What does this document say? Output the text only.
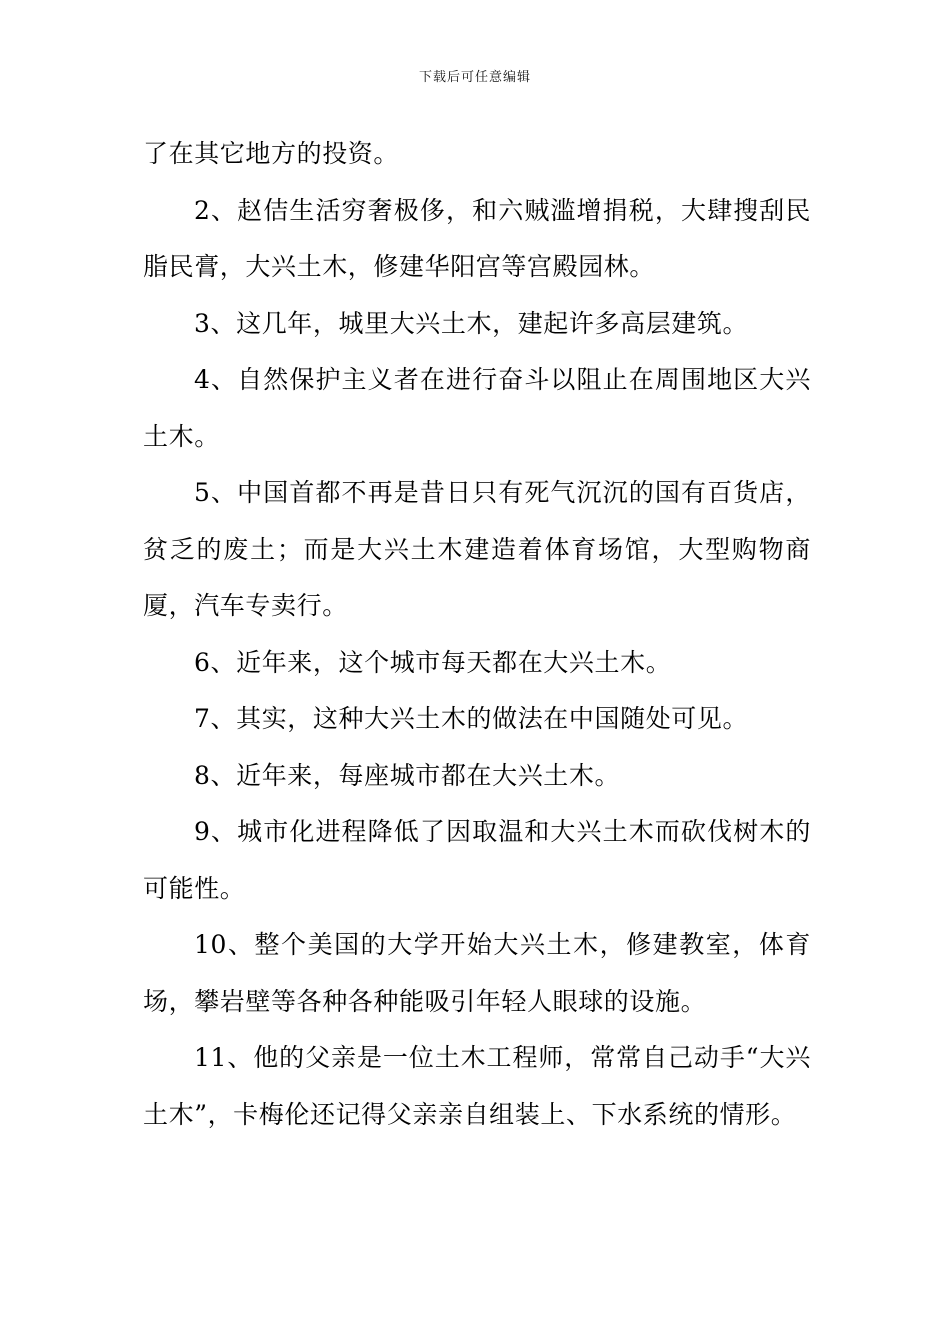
下载后可任意编辑

了在其它地方的投资。

2、赵佶生活穷奢极侈，和六贼滥增捐税，大肆搜刮民脂民膏，大兴土木，修建华阳宫等宫殿园林。

3、这几年，城里大兴土木，建起许多高层建筑。

4、自然保护主义者在进行奋斗以阻止在周围地区大兴土木。

5、中国首都不再是昔日只有死气沉沉的国有百货店，贫乏的废土；而是大兴土木建造着体育场馆，大型购物商厦，汽车专卖行。

6、近年来，这个城市每天都在大兴土木。

7、其实，这种大兴土木的做法在中国随处可见。

8、近年来，每座城市都在大兴土木。

9、城市化进程降低了因取温和大兴土木而砍伐树木的可能性。

10、整个美国的大学开始大兴土木，修建教室，体育场，攀岩壁等各种各种能吸引年轻人眼球的设施。

11、他的父亲是一位土木工程师，常常自己动手“大兴土木”，卡梅伦还记得父亲亲自组装上、下水系统的情形。
